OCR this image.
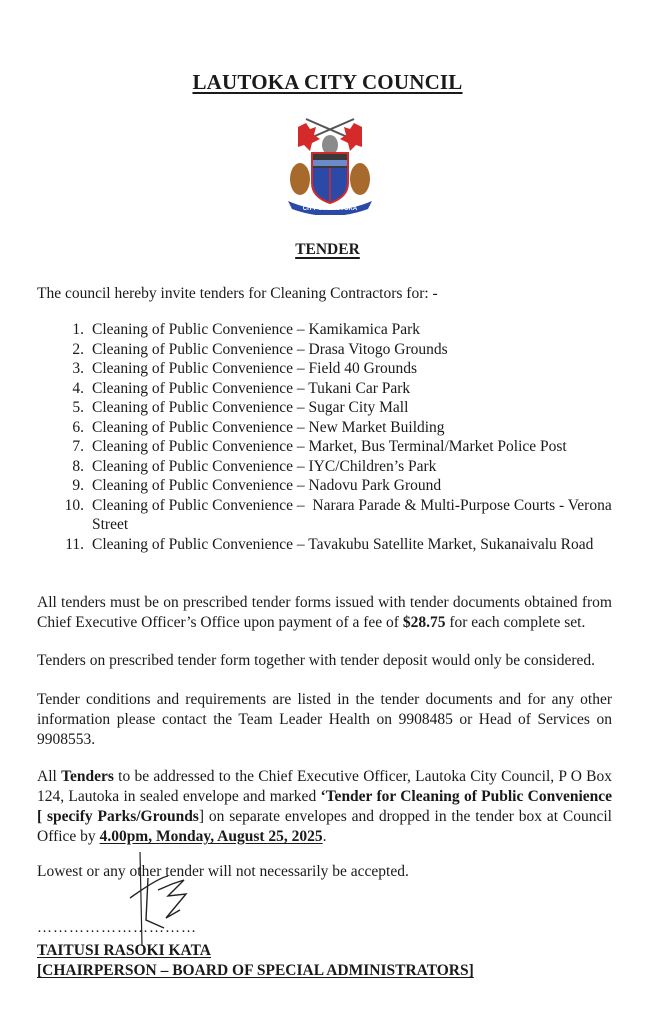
LAUTOKA CITY COUNCIL
CITY OF LAUTOKA
TENDER
The council hereby invite tenders for Cleaning Contractors for: -
1. Cleaning of Public Convenience – Kamikamica Park
2. Cleaning of Public Convenience – Drasa Vitogo Grounds
3. Cleaning of Public Convenience – Field 40 Grounds
4. Cleaning of Public Convenience – Tukani Car Park
5. Cleaning of Public Convenience – Sugar City Mall
6. Cleaning of Public Convenience – New Market Building
7. Cleaning of Public Convenience – Market, Bus Terminal/Market Police Post
8. Cleaning of Public Convenience – IYC/Children’s Park
9. Cleaning of Public Convenience – Nadovu Park Ground
10. Cleaning of Public Convenience –  Narara Parade & Multi-Purpose Courts - Verona Street
11. Cleaning of Public Convenience – Tavakubu Satellite Market, Sukanaivalu Road
All tenders must be on prescribed tender forms issued with tender documents obtained from Chief Executive Officer’s Office upon payment of a fee of $28.75 for each complete set.
Tenders on prescribed tender form together with tender deposit would only be considered.
Tender conditions and requirements are listed in the tender documents and for any other information please contact the Team Leader Health on 9908485 or Head of Services on 9908553.
All Tenders to be addressed to the Chief Executive Officer, Lautoka City Council, P O Box 124, Lautoka in sealed envelope and marked ‘Tender for Cleaning of Public Convenience [ specify Parks/Grounds] on separate envelopes and dropped in the tender box at Council Office by 4.00pm, Monday, August 25, 2025.
Lowest or any other tender will not necessarily be accepted.
…………………………
TAITUSI RASOKI KATA
[CHAIRPERSON – BOARD OF SPECIAL ADMINISTRATORS]
